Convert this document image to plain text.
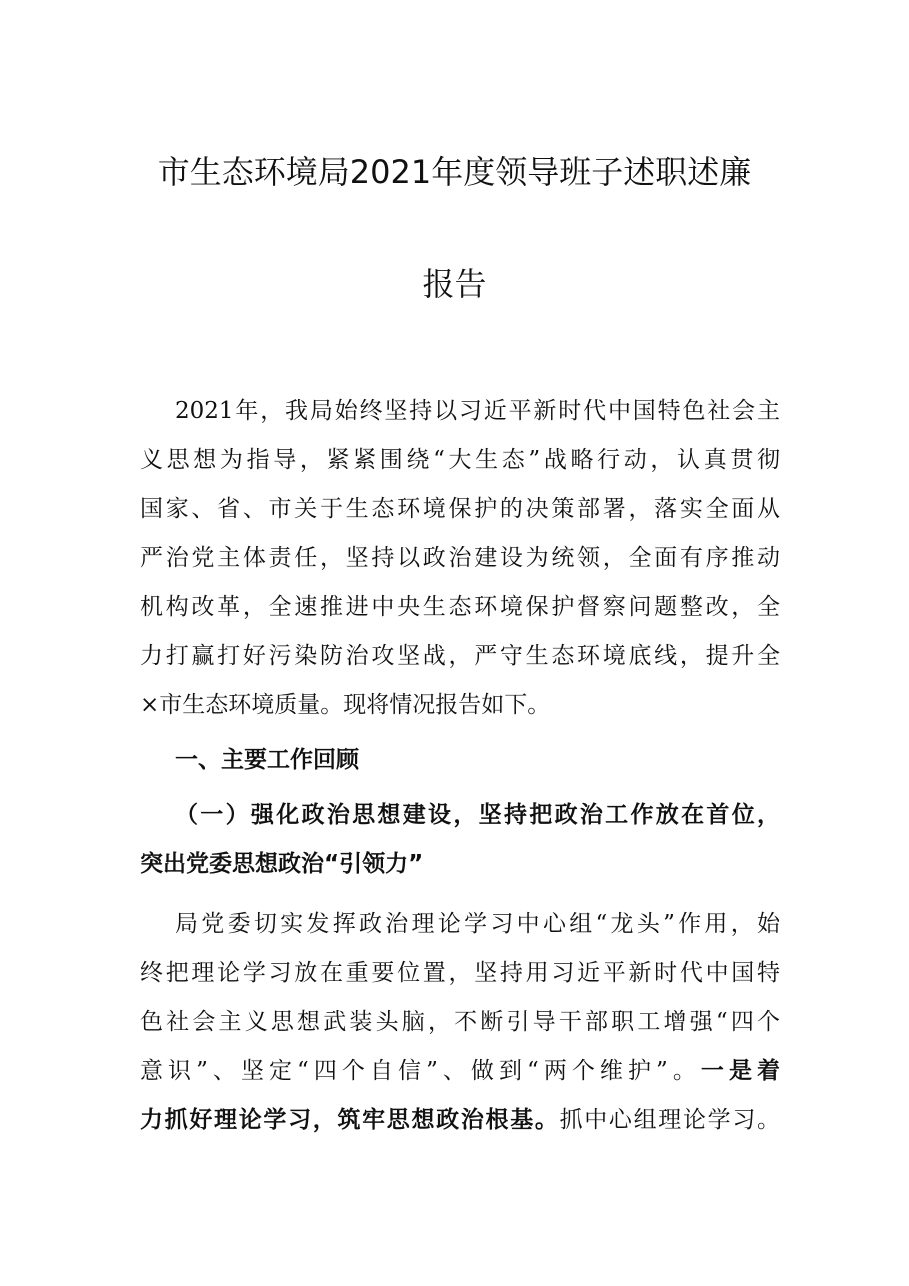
市生态环境局2021年度领导班子述职述廉
报告
2021年，我局始终坚持以习近平新时代中国特色社会主
义思想为指导，紧紧围绕“大生态”战略行动，认真贯彻
国家、省、市关于生态环境保护的决策部署，落实全面从
严治党主体责任，坚持以政治建设为统领，全面有序推动
机构改革，全速推进中央生态环境保护督察问题整改，全
力打赢打好污染防治攻坚战，严守生态环境底线，提升全
×市生态环境质量。现将情况报告如下。
一、主要工作回顾
（一）强化政治思想建设，坚持把政治工作放在首位，
突出党委思想政治“引领力”
局党委切实发挥政治理论学习中心组“龙头”作用，始
终把理论学习放在重要位置，坚持用习近平新时代中国特
色社会主义思想武装头脑，不断引导干部职工增强“四个
意识”、坚定“四个自信”、做到“两个维护”。一是着
力抓好理论学习，筑牢思想政治根基。抓中心组理论学习。
